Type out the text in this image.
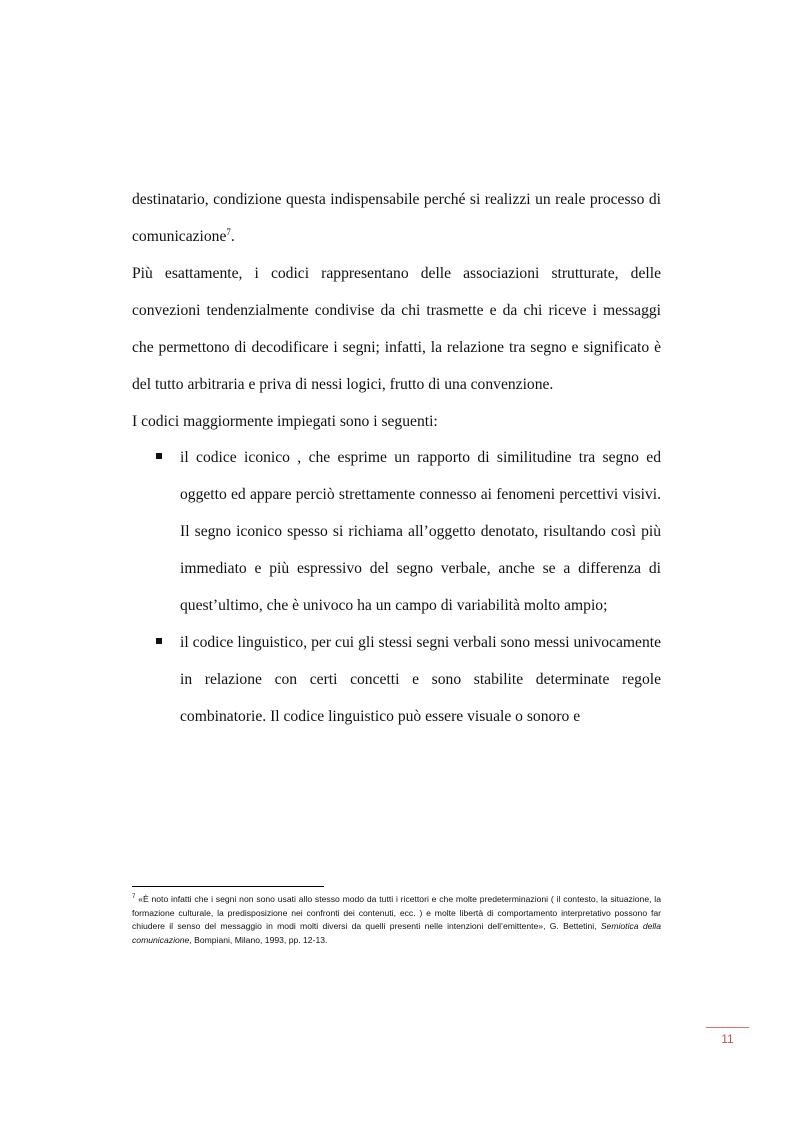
destinatario, condizione questa indispensabile perché si realizzi un reale processo di comunicazione$^7$.

Più esattamente, i codici rappresentano delle associazioni strutturate, delle convezioni tendenzialmente condivise da chi trasmette e da chi riceve i messaggi che permettono di decodificare i segni; infatti, la relazione tra segno e significato è del tutto arbitraria e priva di nessi logici, frutto di una convenzione.

I codici maggiormente impiegati sono i seguenti:

il codice iconico , che esprime un rapporto di similitudine tra segno ed oggetto ed appare perciò strettamente connesso ai fenomeni percettivi visivi. Il segno iconico spesso si richiama all’oggetto denotato, risultando così più immediato e più espressivo del segno verbale, anche se a differenza di quest’ultimo, che è univoco ha un campo di variabilità molto ampio;
il codice linguistico, per cui gli stessi segni verbali sono messi univocamente in relazione con certi concetti e sono stabilite determinate regole combinatorie. Il codice linguistico può essere visuale o sonoro e

$^7$ «È noto infatti che i segni non sono usati allo stesso modo da tutti i ricettori e che molte predeterminazioni ( il contesto, la situazione, la formazione culturale, la predisposizione nei confronti dei contenuti, ecc. ) e molte libertà di comportamento interpretativo possono far chiudere il senso del messaggio in modi molti diversi da quelli presenti nelle intenzioni dell’emittente», G. Bettetini, Semiotica della comunicazione, Bompiani, Milano, 1993, pp. 12-13.

11
